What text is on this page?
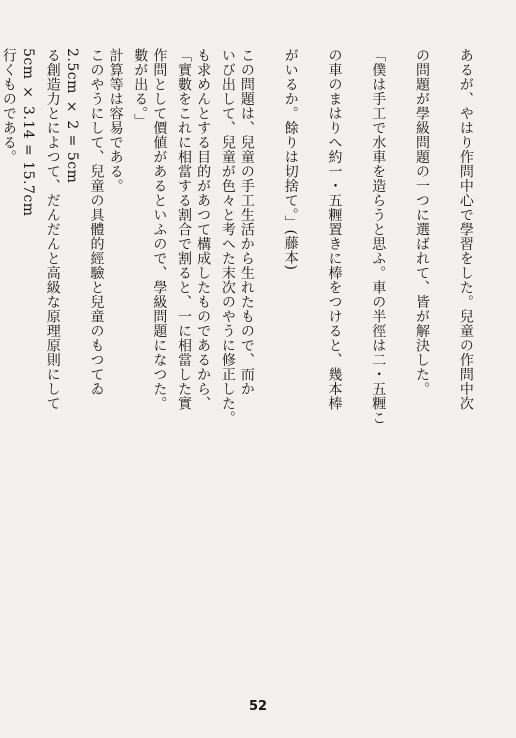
あるが、やはり作問中心で學習をした。兒童の作問中次

の問題が學級問題の一つに選ばれて、皆が解決した。

「僕は手工で水車を造らうと思ふ。車の半徑は二・五糎こ

の車のまはりへ約一・五糎置きに棒をつけると、幾本棒

がいるか。餘りは切捨て。」(藤本)

この問題は、兒童の手工生活から生れたもので、而か

も求めんとする目的があつて構成したものであるから、

作問として價値があるといふので、學級問題になつた。

計算等は容易である。

2.5cm × 2 = 5cm

5cm × 3.14 = 15.7cm

	いび出して、兒童が色々と考へた末次のやうに修正した。

「實數をこれに相當する割合で割ると、一に相當した實

數が出る。」

このやうにして、兒童の具體的經驗と兒童のもつてゐ

る創造力とによつて、だんだんと高級な原理原則にして

行くものである。

52
